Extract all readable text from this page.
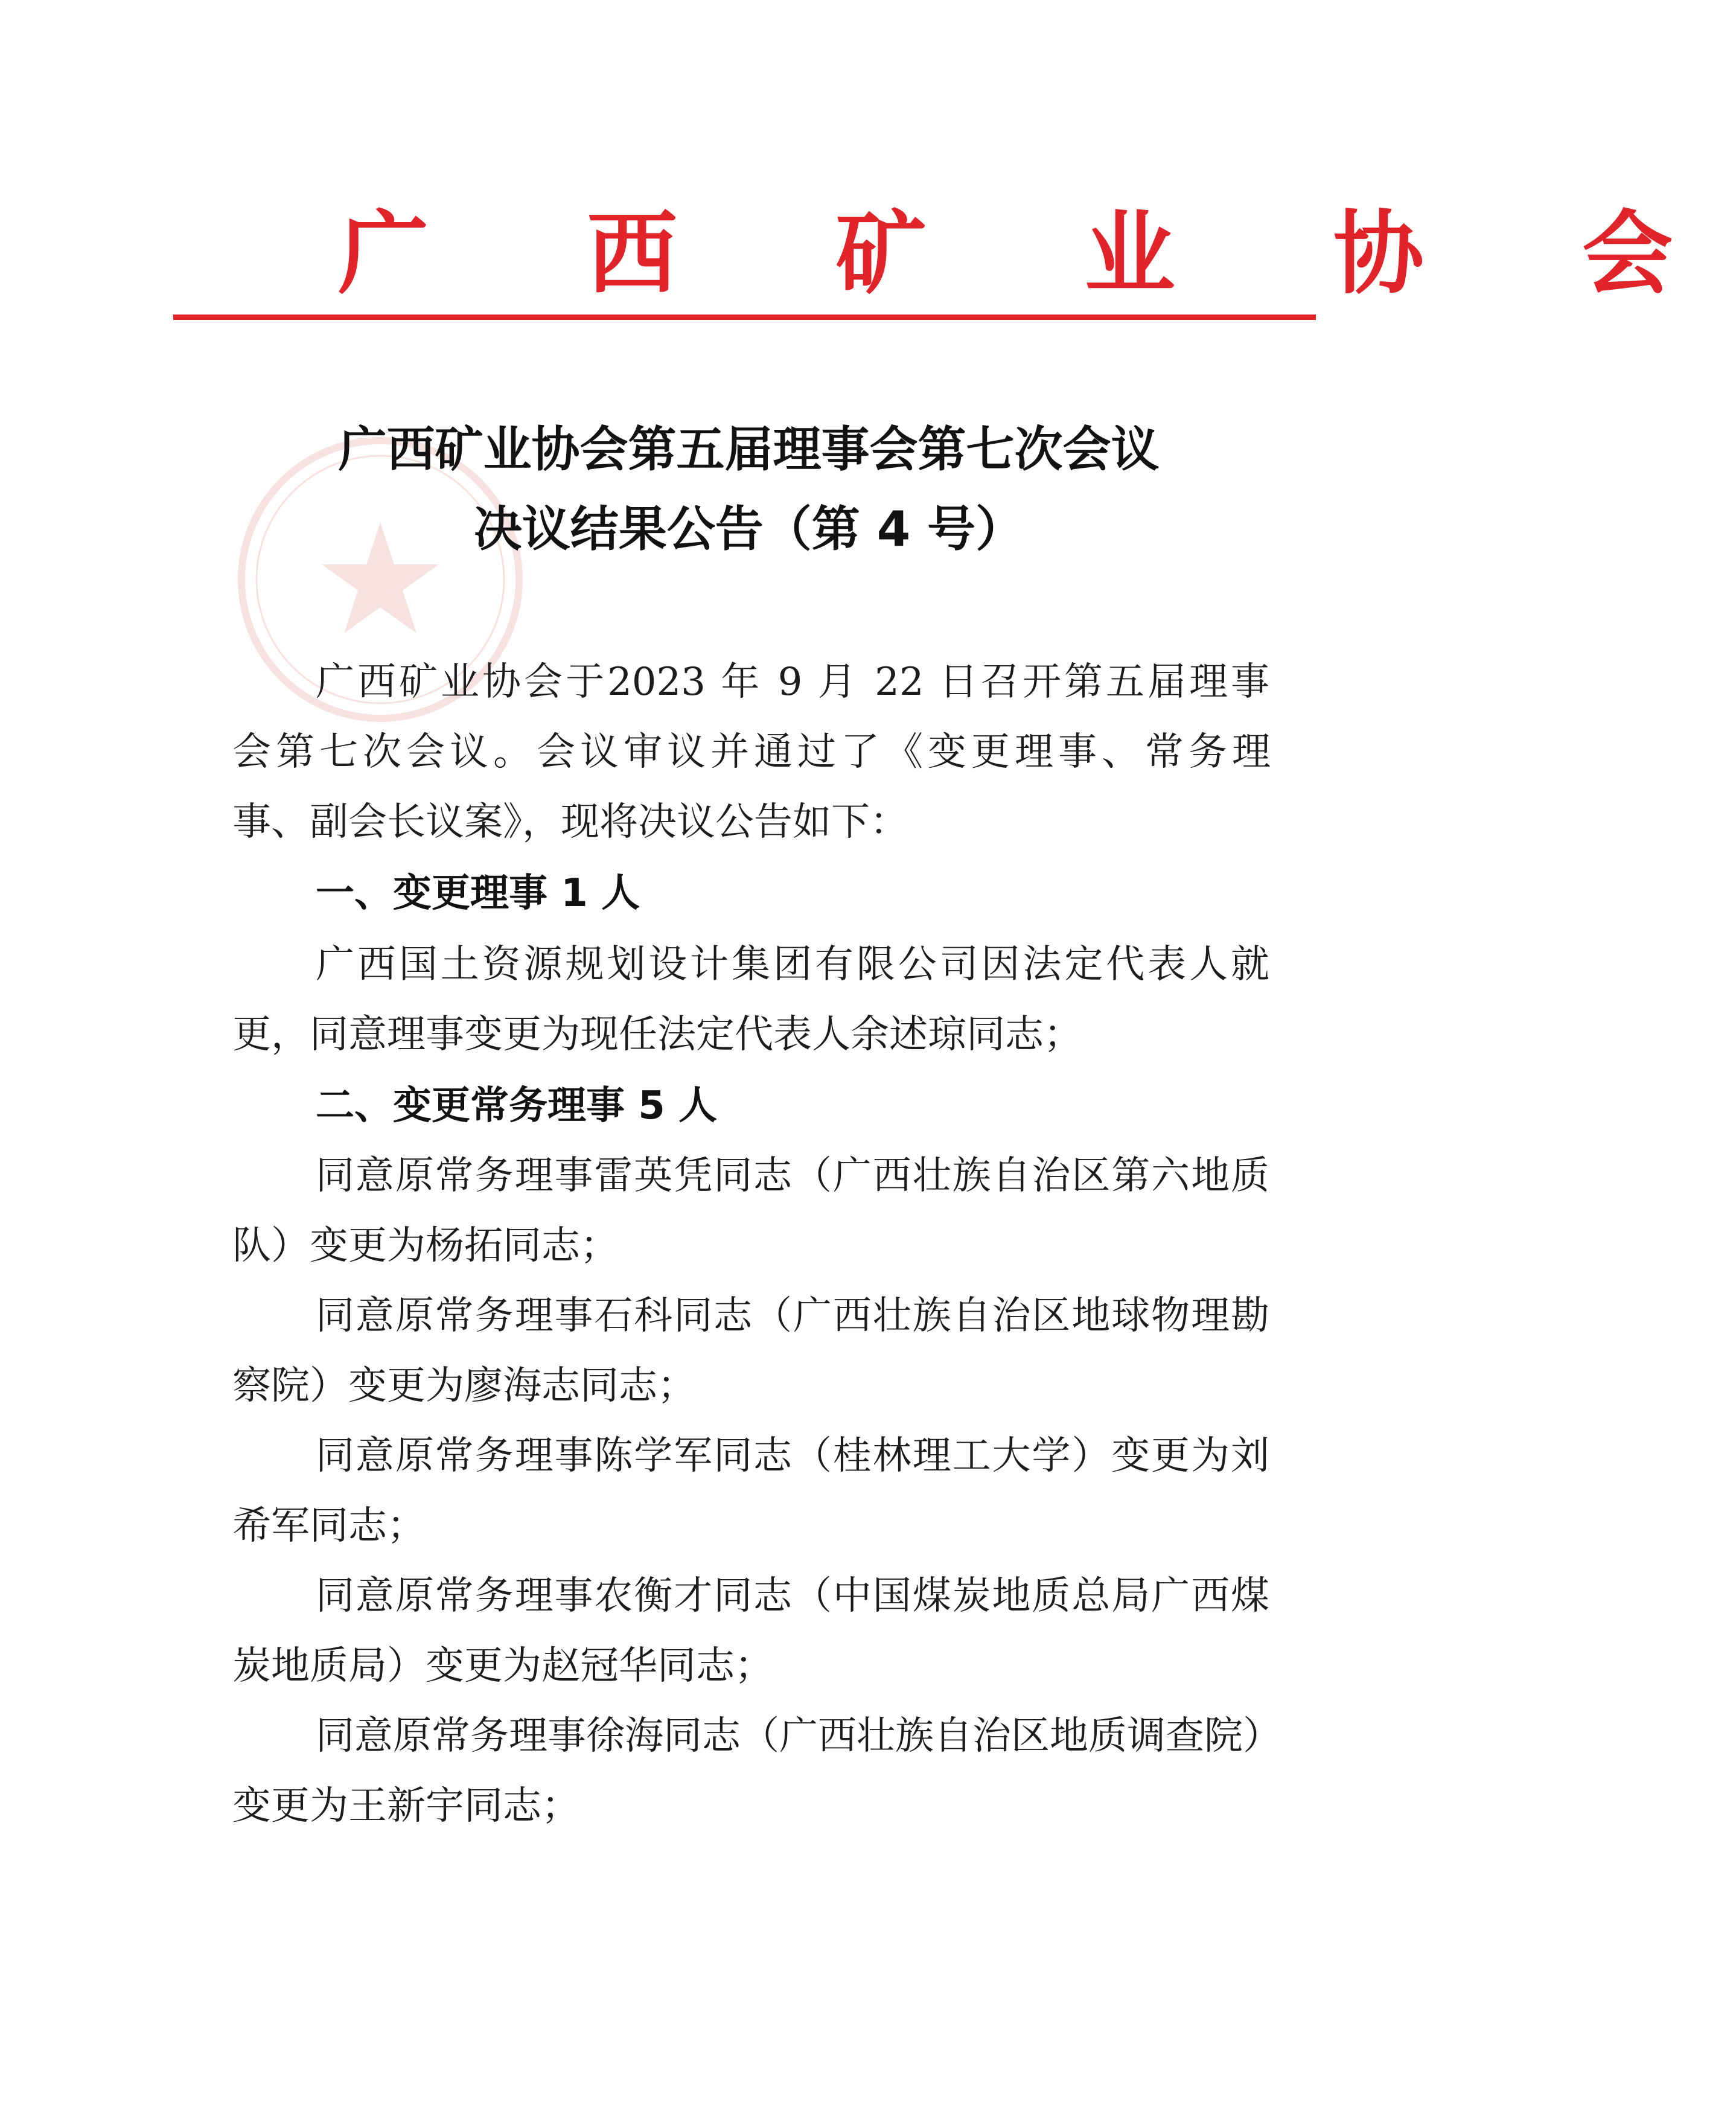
广 西 矿 业 协 会
广西矿业协会第五届理事会第七次会议
决议结果公告（第 4 号）
广西矿业协会于2023 年 9 月 22 日召开第五届理事
会第七次会议。会议审议并通过了《变更理事、常务理
事、副会长议案》，现将决议公告如下：
一、变更理事 1 人
广西国土资源规划设计集团有限公司因法定代表人就
更，同意理事变更为现任法定代表人余述琼同志；
二、变更常务理事 5 人
同意原常务理事雷英凭同志（广西壮族自治区第六地质
队）变更为杨拓同志；
同意原常务理事石科同志（广西壮族自治区地球物理勘
察院）变更为廖海志同志；
同意原常务理事陈学军同志（桂林理工大学）变更为刘
希军同志；
同意原常务理事农衡才同志（中国煤炭地质总局广西煤
炭地质局）变更为赵冠华同志；
同意原常务理事徐海同志（广西壮族自治区地质调查院）
变更为王新宇同志；
